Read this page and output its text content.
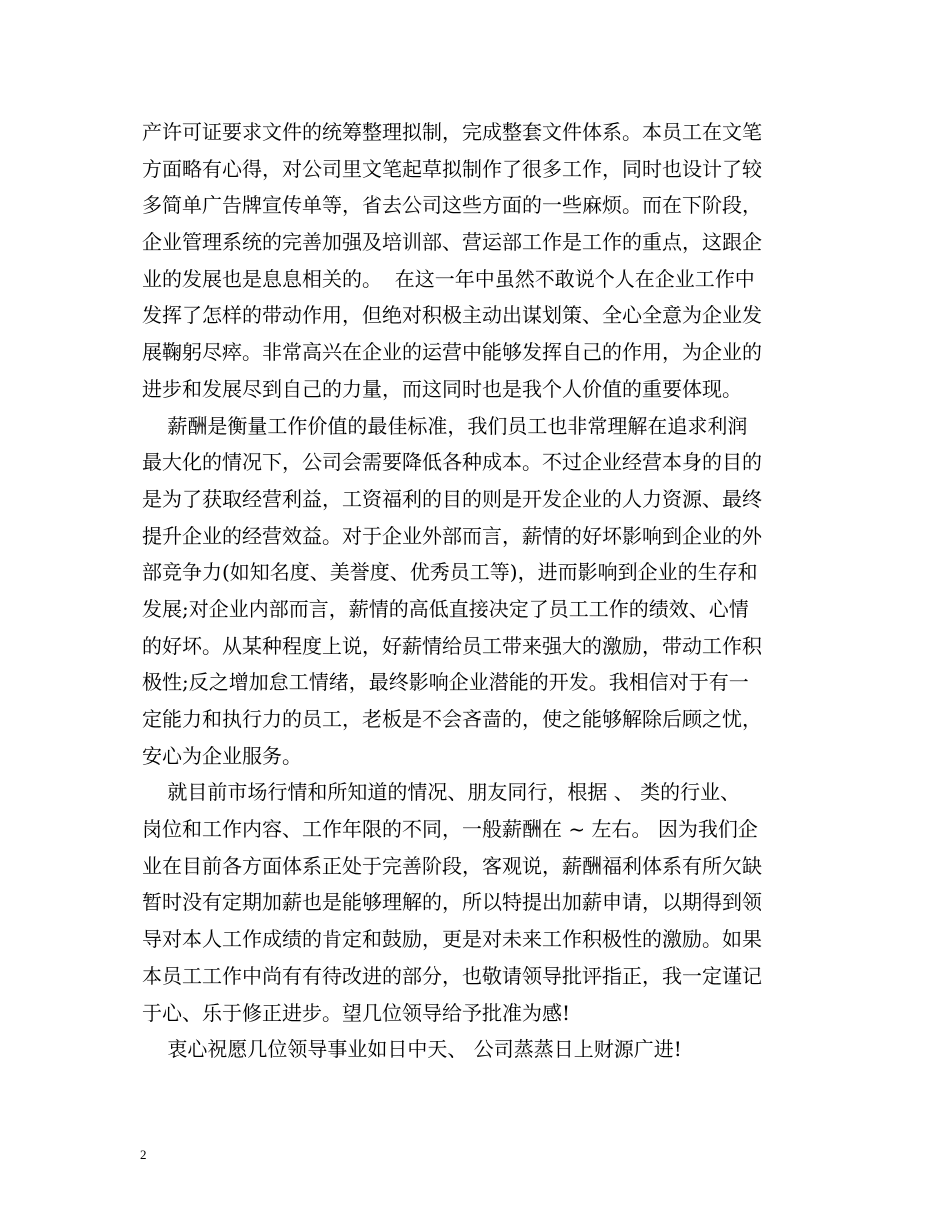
产许可证要求文件的统筹整理拟制，完成整套文件体系。本员工在文笔
方面略有心得，对公司里文笔起草拟制作了很多工作，同时也设计了较
多简单广告牌宣传单等，省去公司这些方面的一些麻烦。而在下阶段，
企业管理系统的完善加强及培训部、营运部工作是工作的重点，这跟企
业的发展也是息息相关的。  在这一年中虽然不敢说个人在企业工作中
发挥了怎样的带动作用，但绝对积极主动出谋划策、全心全意为企业发
展鞠躬尽瘁。非常高兴在企业的运营中能够发挥自己的作用，为企业的
进步和发展尽到自己的力量，而这同时也是我个人价值的重要体现。
薪酬是衡量工作价值的最佳标准，我们员工也非常理解在追求利润
最大化的情况下，公司会需要降低各种成本。不过企业经营本身的目的
是为了获取经营利益，工资福利的目的则是开发企业的人力资源、最终
提升企业的经营效益。对于企业外部而言，薪情的好坏影响到企业的外
部竞争力(如知名度、美誉度、优秀员工等)，进而影响到企业的生存和
发展;对企业内部而言，薪情的高低直接决定了员工工作的绩效、心情
的好坏。从某种程度上说，好薪情给员工带来强大的激励，带动工作积
极性;反之增加怠工情绪，最终影响企业潜能的开发。我相信对于有一
定能力和执行力的员工，老板是不会吝啬的，使之能够解除后顾之忧，
安心为企业服务。
就目前市场行情和所知道的情况、朋友同行，根据 、 类的行业、
岗位和工作内容、工作年限的不同，一般薪酬在 ~ 左右。 因为我们企
业在目前各方面体系正处于完善阶段，客观说，薪酬福利体系有所欠缺
暂时没有定期加薪也是能够理解的，所以特提出加薪申请，以期得到领
导对本人工作成绩的肯定和鼓励，更是对未来工作积极性的激励。如果
本员工工作中尚有有待改进的部分，也敬请领导批评指正，我一定谨记
于心、乐于修正进步。望几位领导给予批准为感!
衷心祝愿几位领导事业如日中天、 公司蒸蒸日上财源广进!
2
